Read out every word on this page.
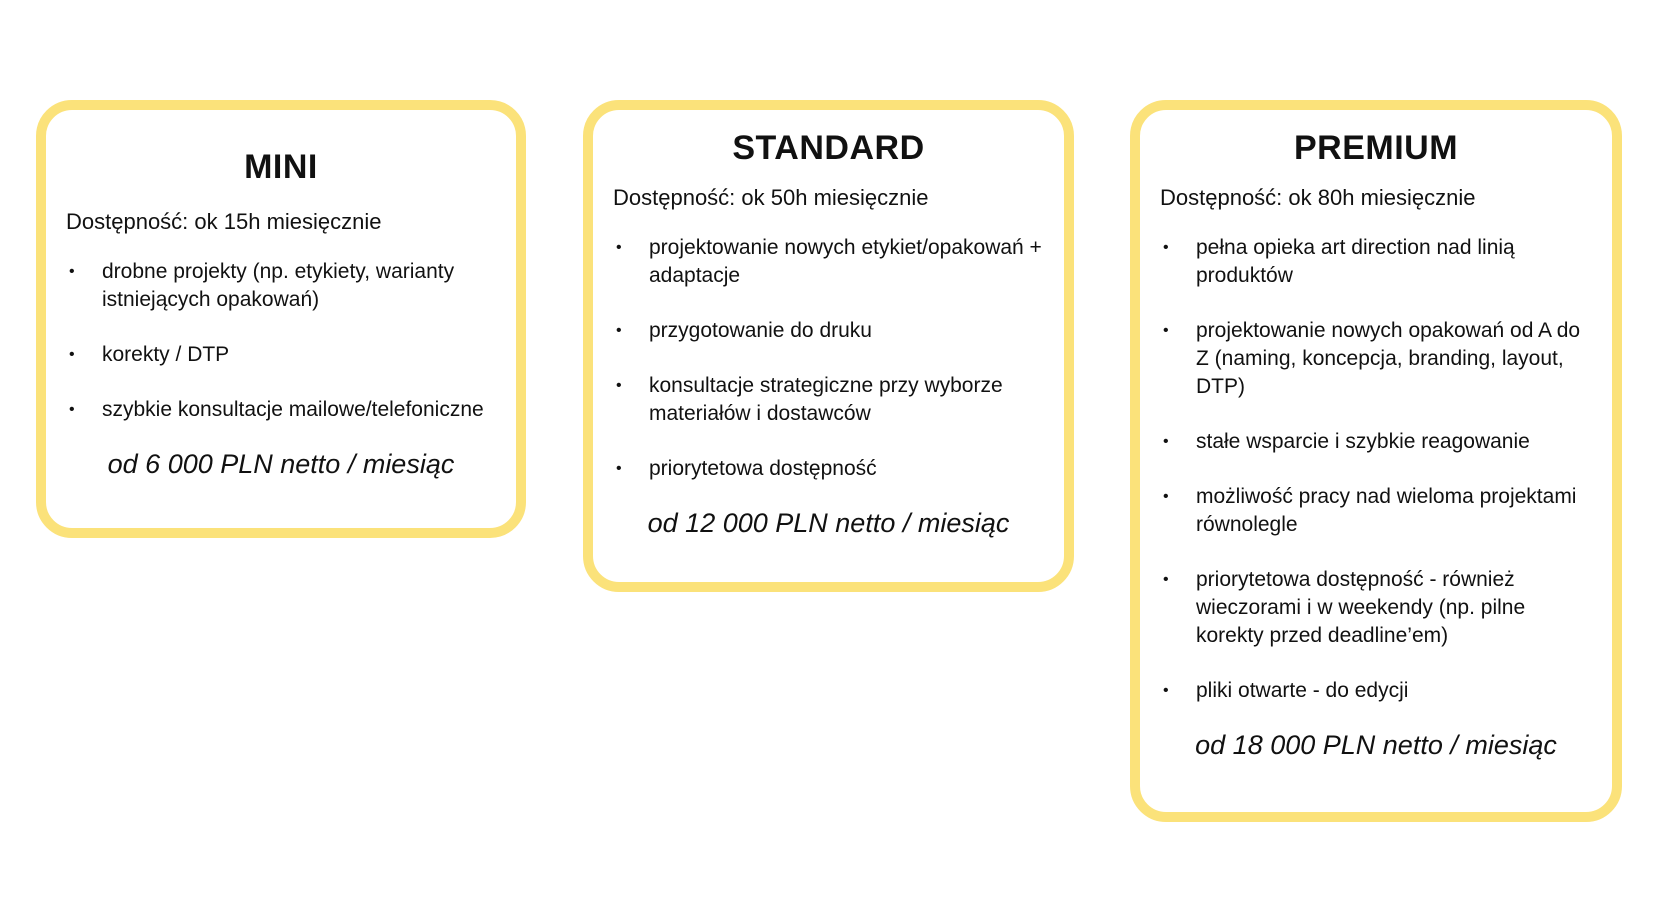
MINI

Dostępność: ok 15h miesięcznie

• drobne projekty (np. etykiety, warianty istniejących opakowań)
• korekty / DTP
• szybkie konsultacje mailowe/telefoniczne

od 6 000 PLN netto / miesiąc

STANDARD

Dostępność: ok 50h miesięcznie

• projektowanie nowych etykiet/opakowań + adaptacje
• przygotowanie do druku
• konsultacje strategiczne przy wyborze materiałów i dostawców
• priorytetowa dostępność

od 12 000 PLN netto / miesiąc

PREMIUM

Dostępność: ok 80h miesięcznie

• pełna opieka art direction nad linią produktów
• projektowanie nowych opakowań od A do Z (naming, koncepcja, branding, layout, DTP)
• stałe wsparcie i szybkie reagowanie
• możliwość pracy nad wieloma projektami równolegle
• priorytetowa dostępność - również wieczorami i w weekendy (np. pilne korekty przed deadline’em)
• pliki otwarte - do edycji

od 18 000 PLN netto / miesiąc
